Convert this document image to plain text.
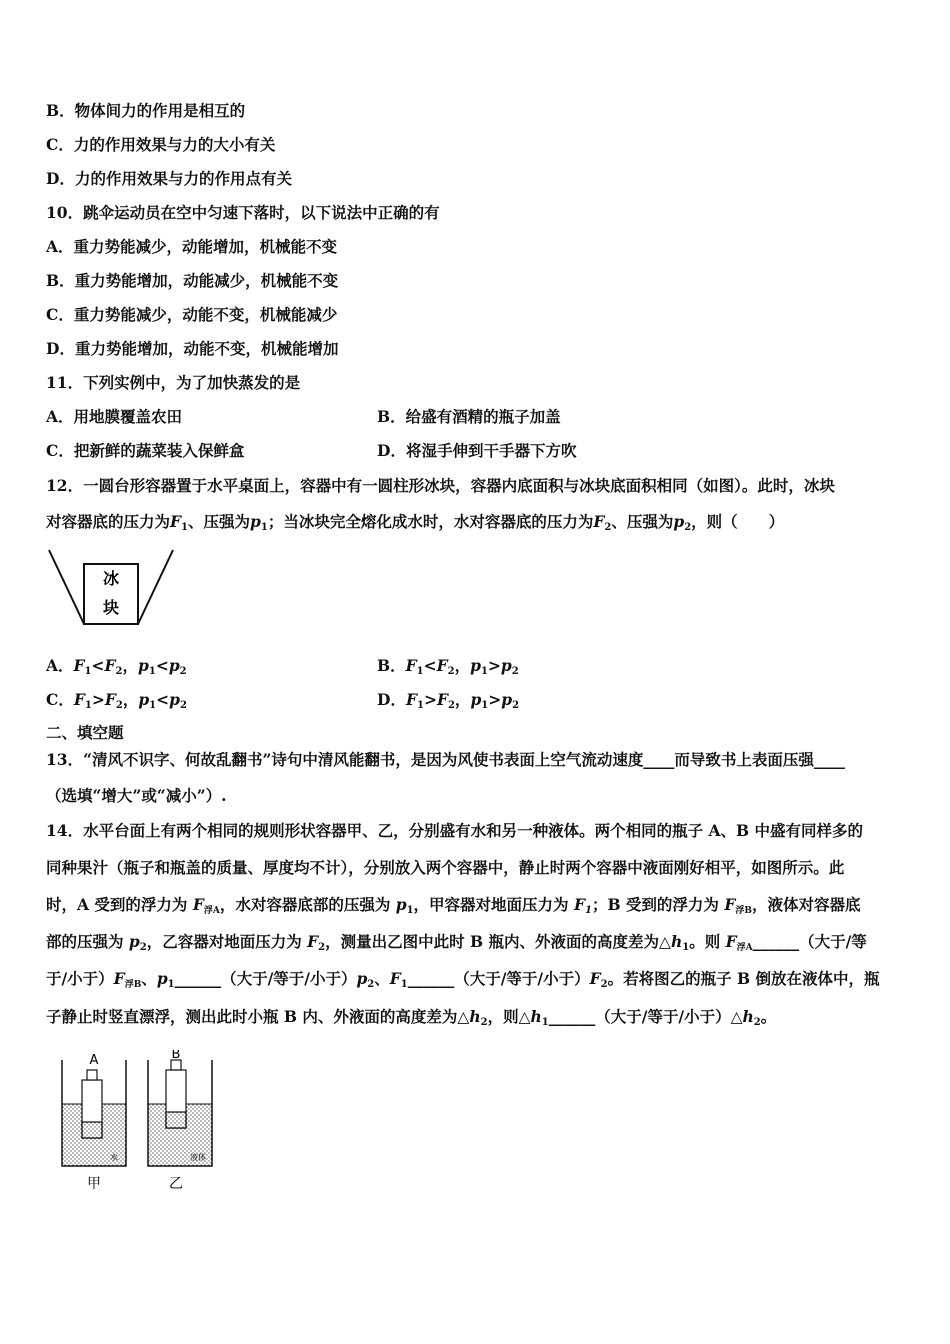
B．物体间力的作用是相互的
C．力的作用效果与力的大小有关
D．力的作用效果与力的作用点有关
10．跳伞运动员在空中匀速下落时，以下说法中正确的有
A．重力势能减少，动能增加，机械能不变
B．重力势能增加，动能减少，机械能不变
C．重力势能减少，动能不变，机械能减少
D．重力势能增加，动能不变，机械能增加
11．下列实例中，为了加快蒸发的是
A．用地膜覆盖农田	B．给盛有酒精的瓶子加盖
C．把新鲜的蔬菜装入保鲜盒	D．将湿手伸到干手器下方吹
12．一圆台形容器置于水平桌面上，容器中有一圆柱形冰块，容器内底面积与冰块底面积相同（如图）。此时，冰块
对容器底的压力为$F_1$、压强为$p_1$；当冰块完全熔化成水时，水对容器底的压力为$F_2$、压强为$p_2$，则（　　）
冰
块
A．$F_1<F_2$，$p_1<p_2$	B．$F_1<F_2$，$p_1>p_2$
C．$F_1>F_2$，$p_1<p_2$	D．$F_1>F_2$，$p_1>p_2$
二、填空题
13．“清风不识字、何故乱翻书”诗句中清风能翻书，是因为风使书表面上空气流动速度____而导致书上表面压强____
（选填“增大”或“减小”）.
14．水平台面上有两个相同的规则形状容器甲、乙，分别盛有水和另一种液体。两个相同的瓶子 A、B 中盛有同样多的
同种果汁（瓶子和瓶盖的质量、厚度均不计），分别放入两个容器中，静止时两个容器中液面刚好相平，如图所示。此
时，A 受到的浮力为 F浮A，水对容器底部的压强为 $p_1$，甲容器对地面压力为 $F_1$；B 受到的浮力为 F浮B，液体对容器底
部的压强为 $p_2$，乙容器对地面压力为 $F_2$，测量出乙图中此时 B 瓶内、外液面的高度差为$\triangle h_1$。则 F浮A______（大于/等
于/小于）F浮B、$p_1\_\_\_\_\_\_$（大于/等于/小于）$p_2$、$F_1\_\_\_\_\_\_$（大于/等于/小于）$F_2$。若将图乙的瓶子 B 倒放在液体中，瓶
子静止时竖直漂浮，测出此时小瓶 B 内、外液面的高度差为$\triangle h_2$，则$\triangle h_1\_\_\_\_\_\_$（大于/等于/小于）$\triangle h_2$。
A
水
B
液体
甲	乙
